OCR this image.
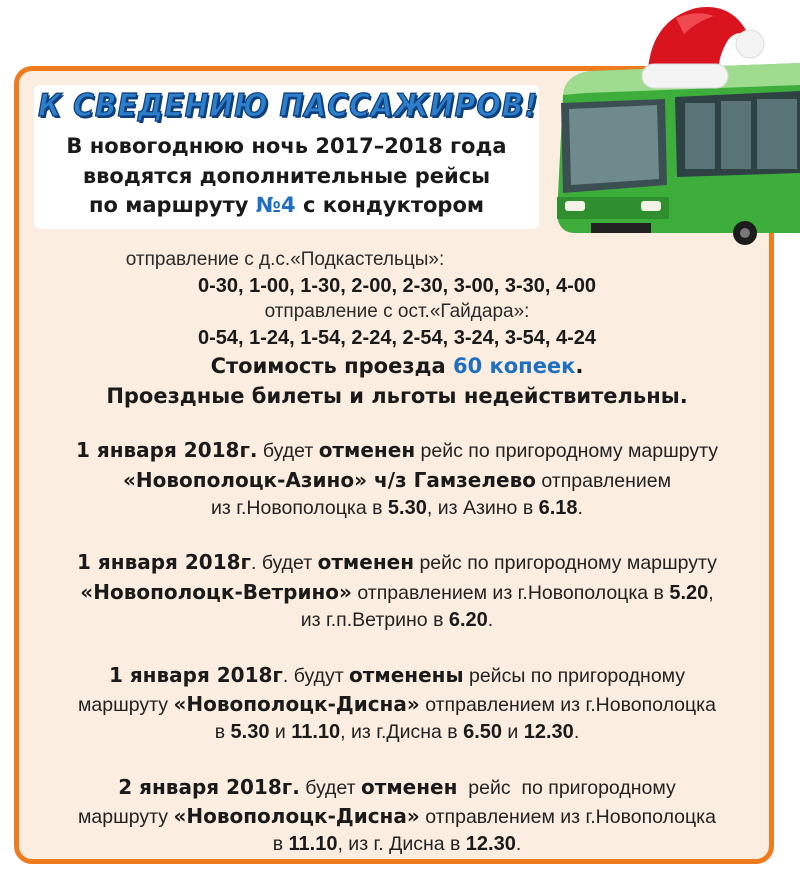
К СВЕДЕНИЮ ПАССАЖИРОВ!
В новогоднюю ночь 2017–2018 года
вводятся дополнительные рейсы
по маршруту №4 с кондуктором
отправление с д.с.«Подкастельцы»:
0-30, 1-00, 1-30, 2-00, 2-30, 3-00, 3-30, 4-00
отправление с ост.«Гайдара»:
0-54, 1-24, 1-54, 2-24, 2-54, 3-24, 3-54, 4-24
Стоимость проезда 60 копеек.
Проездные билеты и льготы недействительны.
1 января 2018г. будет отменен рейс по пригородному маршруту
«Новополоцк-Азино» ч/з Гамзелево отправлением
из г.Новополоцка в 5.30, из Азино в 6.18.
1 января 2018г. будет отменен рейс по пригородному маршруту
«Новополоцк-Ветрино» отправлением из г.Новополоцка в 5.20,
из г.п.Ветрино в 6.20.
1 января 2018г. будут отменены рейсы по пригородному
маршруту «Новополоцк-Дисна» отправлением из г.Новополоцка
в 5.30 и 11.10, из г.Дисна в 6.50 и 12.30.
2 января 2018г. будет отменен  рейс  по пригородному
маршруту «Новополоцк-Дисна» отправлением из г.Новополоцка
в 11.10, из г. Дисна в 12.30.
